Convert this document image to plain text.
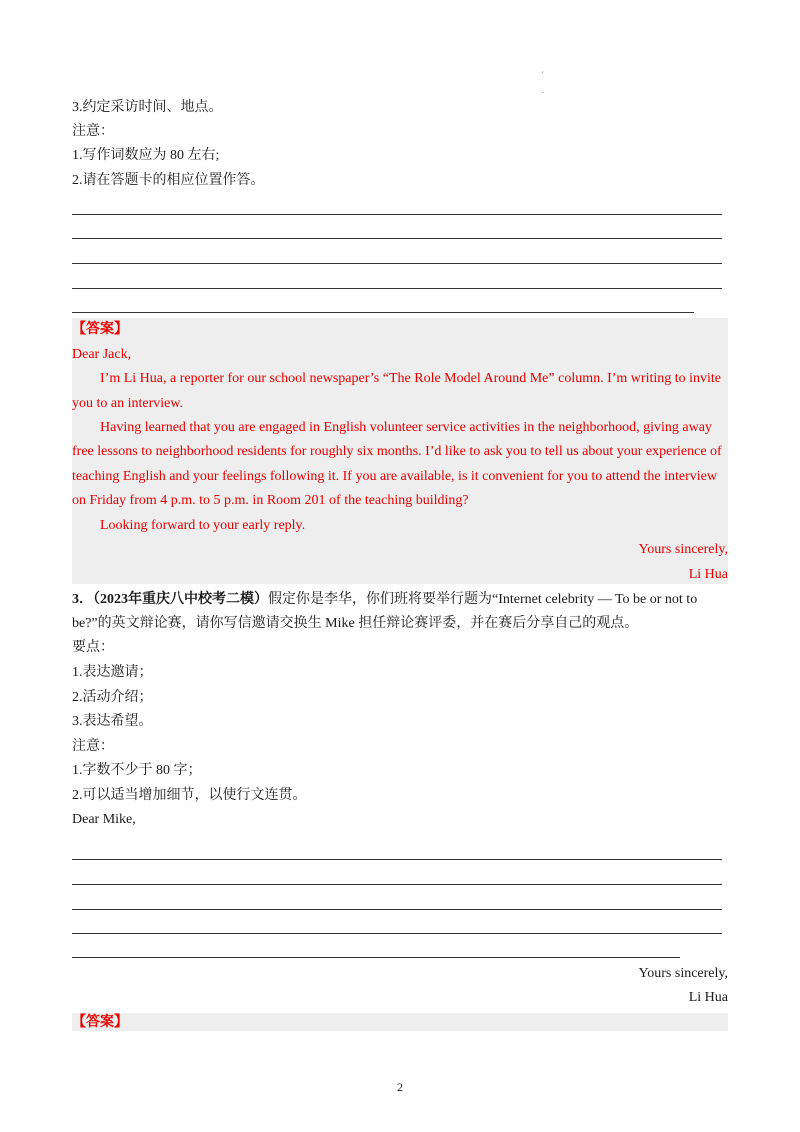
'
.
3.约定采访时间、地点。
注意：
1.写作词数应为 80 左右;
2.请在答题卡的相应位置作答。
【答案】
Dear Jack,
I’m Li Hua, a reporter for our school newspaper’s “The Role Model Around Me” column. I’m writing to invite
you to an interview.
Having learned that you are engaged in English volunteer service activities in the neighborhood, giving away
free lessons to neighborhood residents for roughly six months. I’d like to ask you to tell us about your experience of
teaching English and your feelings following it. If you are available, is it convenient for you to attend the interview
on Friday from 4 p.m. to 5 p.m. in Room 201 of the teaching building?
Looking forward to your early reply.
Yours sincerely,
Li Hua
3．（2023年重庆八中校考二模）假定你是李华，你们班将要举行题为“Internet celebrity — To be or not to
be?”的英文辩论赛，请你写信邀请交换生 Mike 担任辩论赛评委，并在赛后分享自己的观点。
要点：
1.表达邀请；
2.活动介绍；
3.表达希望。
注意：
1.字数不少于 80 字；
2.可以适当增加细节，以使行文连贯。
Dear Mike,
Yours sincerely,
Li Hua
【答案】
2
